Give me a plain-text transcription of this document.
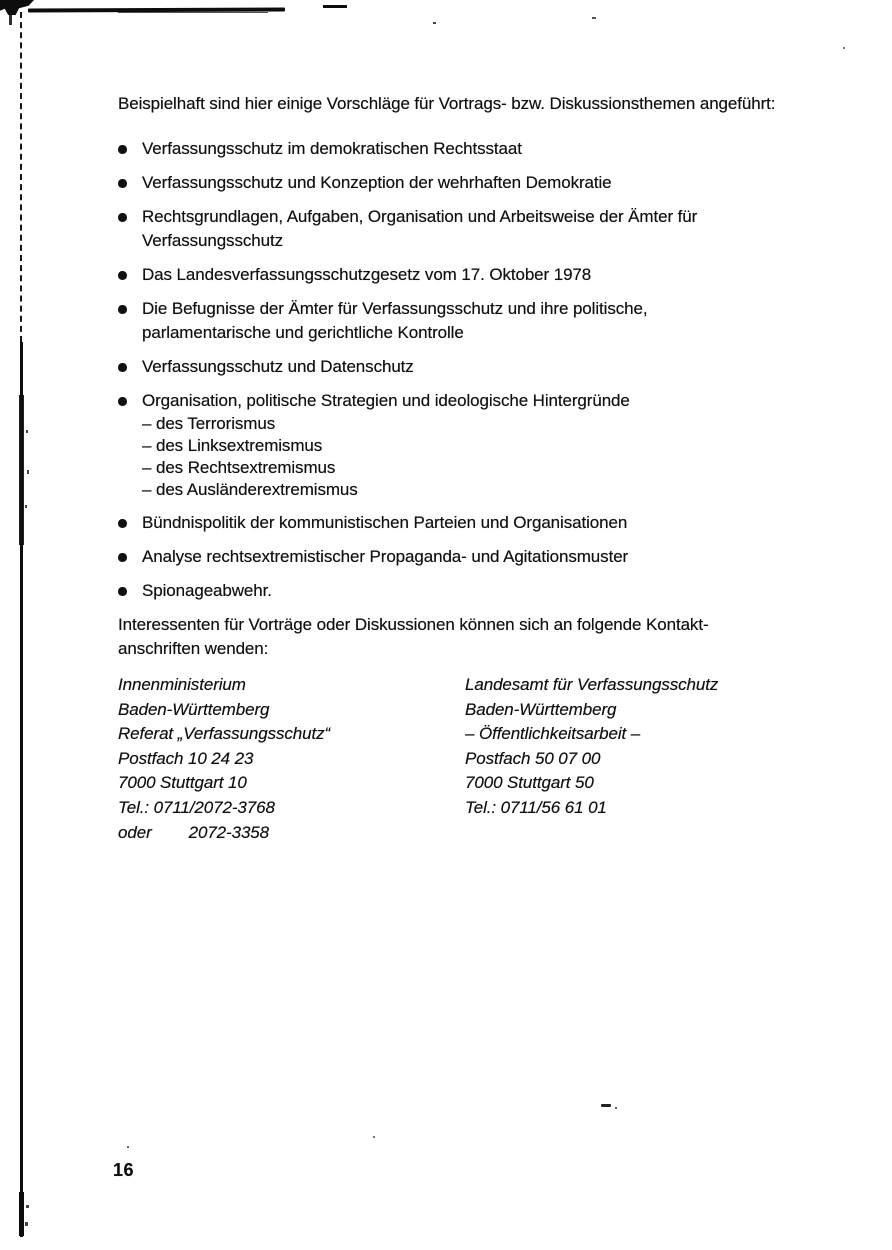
Beispielhaft sind hier einige Vorschläge für Vortrags- bzw. Diskussionsthemen angeführt:

Verfassungsschutz im demokratischen Rechtsstaat
Verfassungsschutz und Konzeption der wehrhaften Demokratie
Rechtsgrundlagen, Aufgaben, Organisation und Arbeitsweise der Ämter für Verfassungsschutz
Das Landesverfassungsschutzgesetz vom 17. Oktober 1978
Die Befugnisse der Ämter für Verfassungsschutz und ihre politische, parlamentarische und gerichtliche Kontrolle
Verfassungsschutz und Datenschutz
Organisation, politische Strategien und ideologische Hintergründe
– des Terrorismus
– des Linksextremismus
– des Rechtsextremismus
– des Ausländerextremismus
Bündnispolitik der kommunistischen Parteien und Organisationen
Analyse rechtsextremistischer Propaganda- und Agitationsmuster
Spionageabwehr.
Interessenten für Vorträge oder Diskussionen können sich an folgende Kontakt-
anschriften wenden:
Innenministerium
Baden-Württemberg
Referat „Verfassungsschutz“
Postfach 10 24 23
7000 Stuttgart 10
Tel.: 0711/2072-3768
oder        2072-3358
Landesamt für Verfassungsschutz
Baden-Württemberg
– Öffentlichkeitsarbeit –
Postfach 50 07 00
7000 Stuttgart 50
Tel.: 0711/56 61 01
16
